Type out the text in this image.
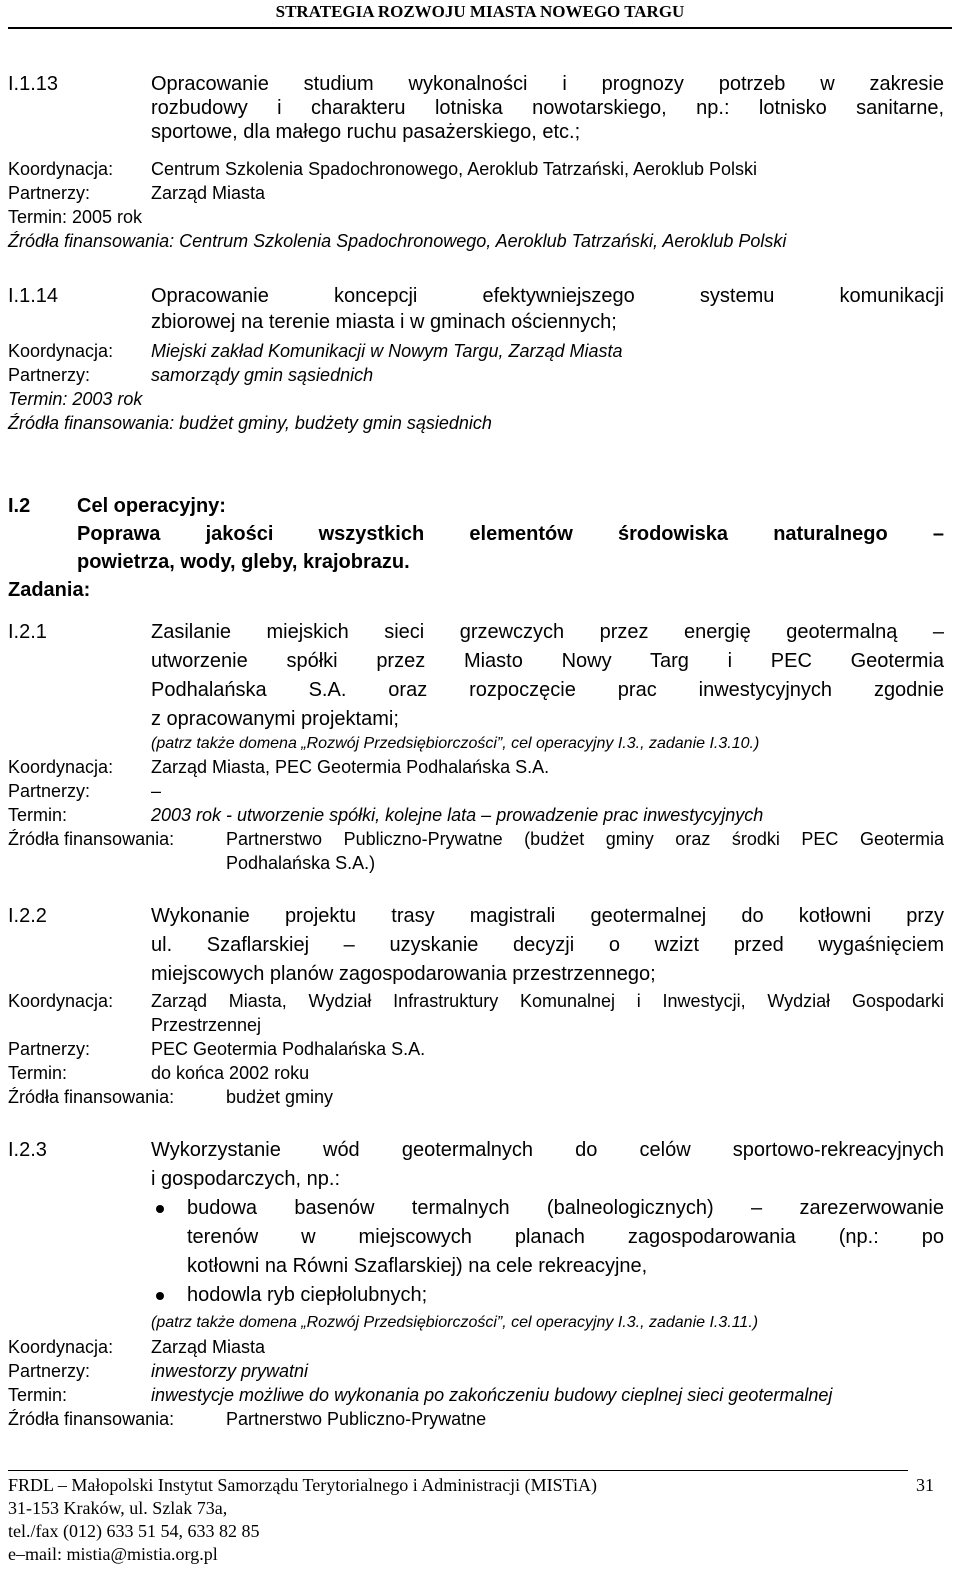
STRATEGIA ROZWOJU MIASTA NOWEGO TARGU
I.1.13	Opracowanie studium wykonalności i prognozy potrzeb w zakresie
rozbudowy i charakteru lotniska nowotarskiego, np.: lotnisko sanitarne,
sportowe, dla małego ruchu pasażerskiego, etc.;
Koordynacja: Centrum Szkolenia Spadochronowego, Aeroklub Tatrzański, Aeroklub Polski
Partnerzy:	Zarząd Miasta
Termin: 2005 rok
Źródła finansowania: Centrum Szkolenia Spadochronowego, Aeroklub Tatrzański, Aeroklub Polski
I.1.14	Opracowanie koncepcji efektywniejszego systemu komunikacji
zbiorowej na terenie miasta i w gminach ościennych;
Koordynacja: Miejski zakład Komunikacji w Nowym Targu, Zarząd Miasta
Partnerzy:	samorządy gmin sąsiednich
Termin: 2003 rok
Źródła finansowania: budżet gminy, budżety gmin sąsiednich
I.2 Cel operacyjny:
Poprawa jakości wszystkich elementów środowiska naturalnego –
powietrza, wody, gleby, krajobrazu.
Zadania:
I.2.1	Zasilanie miejskich sieci grzewczych przez energię geotermalną –
utworzenie spółki przez Miasto Nowy Targ i PEC Geotermia
Podhalańska S.A. oraz rozpoczęcie prac inwestycyjnych zgodnie
z opracowanymi projektami;
(patrz także domena „Rozwój Przedsiębiorczości”, cel operacyjny I.3., zadanie I.3.10.)
Koordynacja: Zarząd Miasta, PEC Geotermia Podhalańska S.A.
Partnerzy:	–
Termin:	2003 rok - utworzenie spółki, kolejne lata – prowadzenie prac inwestycyjnych
Źródła finansowania:	Partnerstwo Publiczno-Prywatne (budżet gminy oraz środki PEC Geotermia
Podhalańska S.A.)
I.2.2	Wykonanie projektu trasy magistrali geotermalnej do kotłowni przy
ul. Szaflarskiej – uzyskanie decyzji o wzizt przed wygaśnięciem
miejscowych planów zagospodarowania przestrzennego;
Koordynacja: Zarząd Miasta, Wydział Infrastruktury Komunalnej i Inwestycji, Wydział Gospodarki
Przestrzennej
Partnerzy:	PEC Geotermia Podhalańska S.A.
Termin:	do końca 2002 roku
Źródła finansowania:	budżet gminy
I.2.3	Wykorzystanie wód geotermalnych do celów sportowo-rekreacyjnych
i gospodarczych, np.:
budowa basenów termalnych (balneologicznych) – zarezerwowanie
terenów w miejscowych planach zagospodarowania (np.: po
kotłowni na Równi Szaflarskiej) na cele rekreacyjne,
hodowla ryb ciepłolubnych;
(patrz także domena „Rozwój Przedsiębiorczości”, cel operacyjny I.3., zadanie I.3.11.)
Koordynacja: Zarząd Miasta
Partnerzy:	inwestorzy prywatni
Termin:	inwestycje możliwe do wykonania po zakończeniu budowy cieplnej sieci geotermalnej
Źródła finansowania:	Partnerstwo Publiczno-Prywatne
FRDL – Małopolski Instytut Samorządu Terytorialnego i Administracji (MISTiA)
31-153 Kraków, ul. Szlak 73a,
tel./fax (012) 633 51 54, 633 82 85
e–mail: mistia@mistia.org.pl
31
